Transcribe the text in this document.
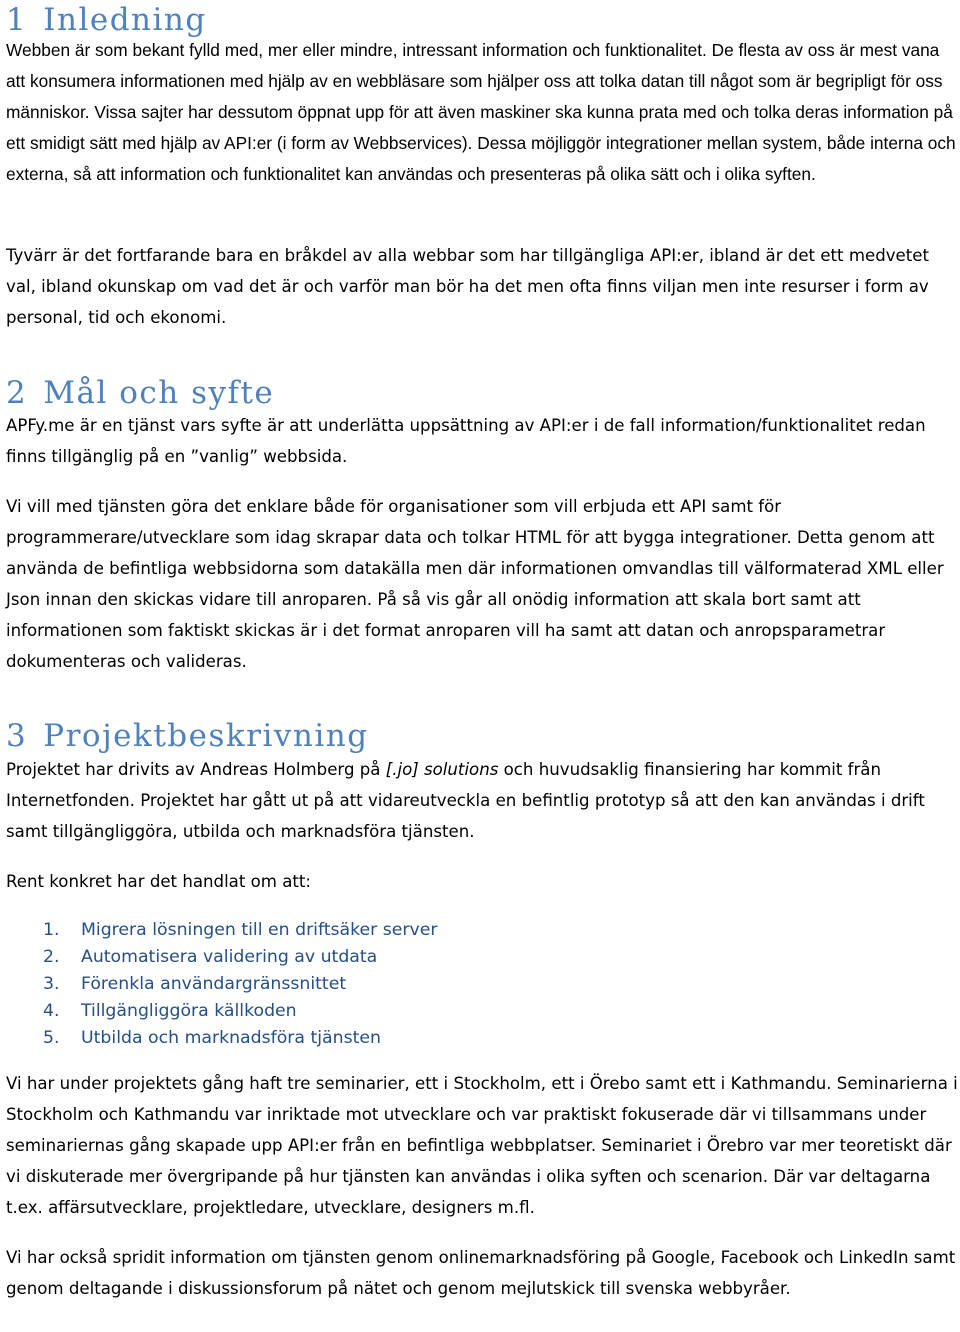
1 Inledning

Webben är som bekant fylld med, mer eller mindre, intressant information och funktionalitet. De flesta av oss är mest vana att konsumera informationen med hjälp av en webbläsare som hjälper oss att tolka datan till något som är begripligt för oss människor. Vissa sajter har dessutom öppnat upp för att även maskiner ska kunna prata med och tolka deras information på ett smidigt sätt med hjälp av API:er (i form av Webbservices). Dessa möjliggör integrationer mellan system, både interna och externa, så att information och funktionalitet kan användas och presenteras på olika sätt och i olika syften.

Tyvärr är det fortfarande bara en bråkdel av alla webbar som har tillgängliga API:er, ibland är det ett medvetet val, ibland okunskap om vad det är och varför man bör ha det men ofta finns viljan men inte resurser i form av personal, tid och ekonomi.

2 Mål och syfte

APFy.me är en tjänst vars syfte är att underlätta uppsättning av API:er i de fall information/funktionalitet redan finns tillgänglig på en ”vanlig” webbsida.

Vi vill med tjänsten göra det enklare både för organisationer som vill erbjuda ett API samt för programmerare/utvecklare som idag skrapar data och tolkar HTML för att bygga integrationer. Detta genom att använda de befintliga webbsidorna som datakälla men där informationen omvandlas till välformaterad XML eller Json innan den skickas vidare till anroparen. På så vis går all onödig information att skala bort samt att informationen som faktiskt skickas är i det format anroparen vill ha samt att datan och anropsparametrar dokumenteras och valideras.

3 Projektbeskrivning

Projektet har drivits av Andreas Holmberg på [.jo] solutions och huvudsaklig finansiering har kommit från Internetfonden. Projektet har gått ut på att vidareutveckla en befintlig prototyp så att den kan användas i drift samt tillgängliggöra, utbilda och marknadsföra tjänsten.

Rent konkret har det handlat om att:

1. Migrera lösningen till en driftsäker server
2. Automatisera validering av utdata
3. Förenkla användargränssnittet
4. Tillgängliggöra källkoden
5. Utbilda och marknadsföra tjänsten

Vi har under projektets gång haft tre seminarier, ett i Stockholm, ett i Örebo samt ett i Kathmandu. Seminarierna i Stockholm och Kathmandu var inriktade mot utvecklare och var praktiskt fokuserade där vi tillsammans under seminariernas gång skapade upp API:er från en befintliga webbplatser. Seminariet i Örebro var mer teoretiskt där vi diskuterade mer övergripande på hur tjänsten kan användas i olika syften och scenarion. Där var deltagarna t.ex. affärsutvecklare, projektledare, utvecklare, designers m.fl.

Vi har också spridit information om tjänsten genom onlinemarknadsföring på Google, Facebook och LinkedIn samt genom deltagande i diskussionsforum på nätet och genom mejlutskick till svenska webbyråer.
